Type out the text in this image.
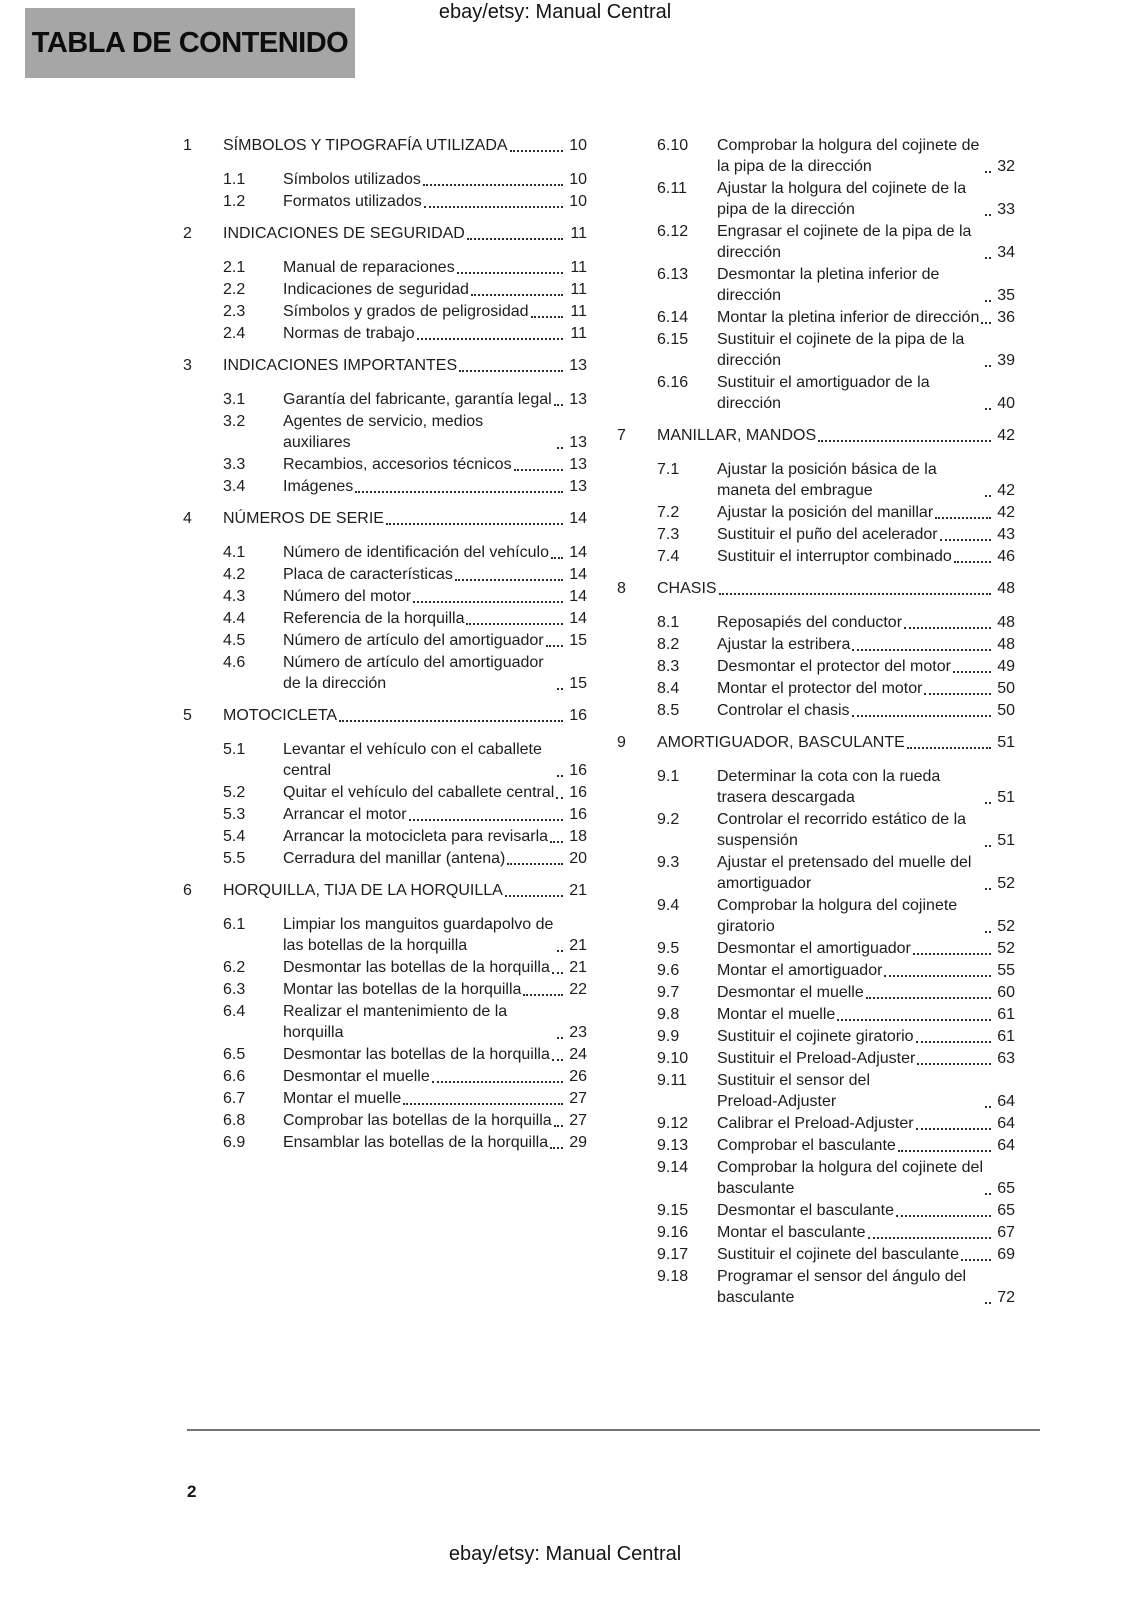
ebay/etsy: Manual Central
TABLA DE CONTENIDO
1	SÍMBOLOS Y TIPOGRAFÍA UTILIZADA	10
1.1	Símbolos utilizados	10
1.2	Formatos utilizados	10
2	INDICACIONES DE SEGURIDAD	11
2.1	Manual de reparaciones	11
2.2	Indicaciones de seguridad	11
2.3	Símbolos y grados de peligrosidad	11
2.4	Normas de trabajo	11
3	INDICACIONES IMPORTANTES	13
3.1	Garantía del fabricante, garantía legal 13
3.2	Agentes de servicio, medios auxiliares	13
3.3	Recambios, accesorios técnicos	13
3.4	Imágenes	13
4	NÚMEROS DE SERIE	14
4.1	Número de identificación del vehículo 14
4.2	Placa de características	14
4.3	Número del motor	14
4.4	Referencia de la horquilla	14
4.5	Número de artículo del amortiguador 15
4.6	Número de artículo del amortiguador de la dirección	15
5	MOTOCICLETA	16
5.1	Levantar el vehículo con el caballete central	16
5.2	Quitar el vehículo del caballete central 16
5.3	Arrancar el motor	16
5.4	Arrancar la motocicleta para revisarla 18
5.5	Cerradura del manillar (antena)	20
6	HORQUILLA, TIJA DE LA HORQUILLA	21
6.1	Limpiar los manguitos guardapolvo de las botellas de la horquilla	21
6.2	Desmontar las botellas de la horquilla 21
6.3	Montar las botellas de la horquilla	22
6.4	Realizar el mantenimiento de la horquilla	23
6.5	Desmontar las botellas de la horquilla 24
6.6	Desmontar el muelle	26
6.7	Montar el muelle	27
6.8	Comprobar las botellas de la horquilla 27
6.9	Ensamblar las botellas de la horquilla 29
6.10	Comprobar la holgura del cojinete de la pipa de la dirección	32
6.11	Ajustar la holgura del cojinete de la pipa de la dirección	33
6.12	Engrasar el cojinete de la pipa de la dirección	34
6.13	Desmontar la pletina inferior de dirección	35
6.14	Montar la pletina inferior de dirección 36
6.15	Sustituir el cojinete de la pipa de la dirección	39
6.16	Sustituir el amortiguador de la dirección	40
7	MANILLAR, MANDOS	42
7.1	Ajustar la posición básica de la maneta del embrague	42
7.2	Ajustar la posición del manillar	42
7.3	Sustituir el puño del acelerador	43
7.4	Sustituir el interruptor combinado	46
8	CHASIS	48
8.1	Reposapiés del conductor	48
8.2	Ajustar la estribera	48
8.3	Desmontar el protector del motor	49
8.4	Montar el protector del motor	50
8.5	Controlar el chasis	50
9	AMORTIGUADOR, BASCULANTE	51
9.1	Determinar la cota con la rueda trasera descargada	51
9.2	Controlar el recorrido estático de la suspensión	51
9.3	Ajustar el pretensado del muelle del amortiguador	52
9.4	Comprobar la holgura del cojinete giratorio	52
9.5	Desmontar el amortiguador	52
9.6	Montar el amortiguador	55
9.7	Desmontar el muelle	60
9.8	Montar el muelle	61
9.9	Sustituir el cojinete giratorio	61
9.10	Sustituir el Preload-Adjuster	63
9.11	Sustituir el sensor del Preload-Adjuster	64
9.12	Calibrar el Preload-Adjuster	64
9.13	Comprobar el basculante	64
9.14	Comprobar la holgura del cojinete del basculante	65
9.15	Desmontar el basculante	65
9.16	Montar el basculante	67
9.17	Sustituir el cojinete del basculante 69
9.18	Programar el sensor del ángulo del basculante	72
2
ebay/etsy: Manual Central
